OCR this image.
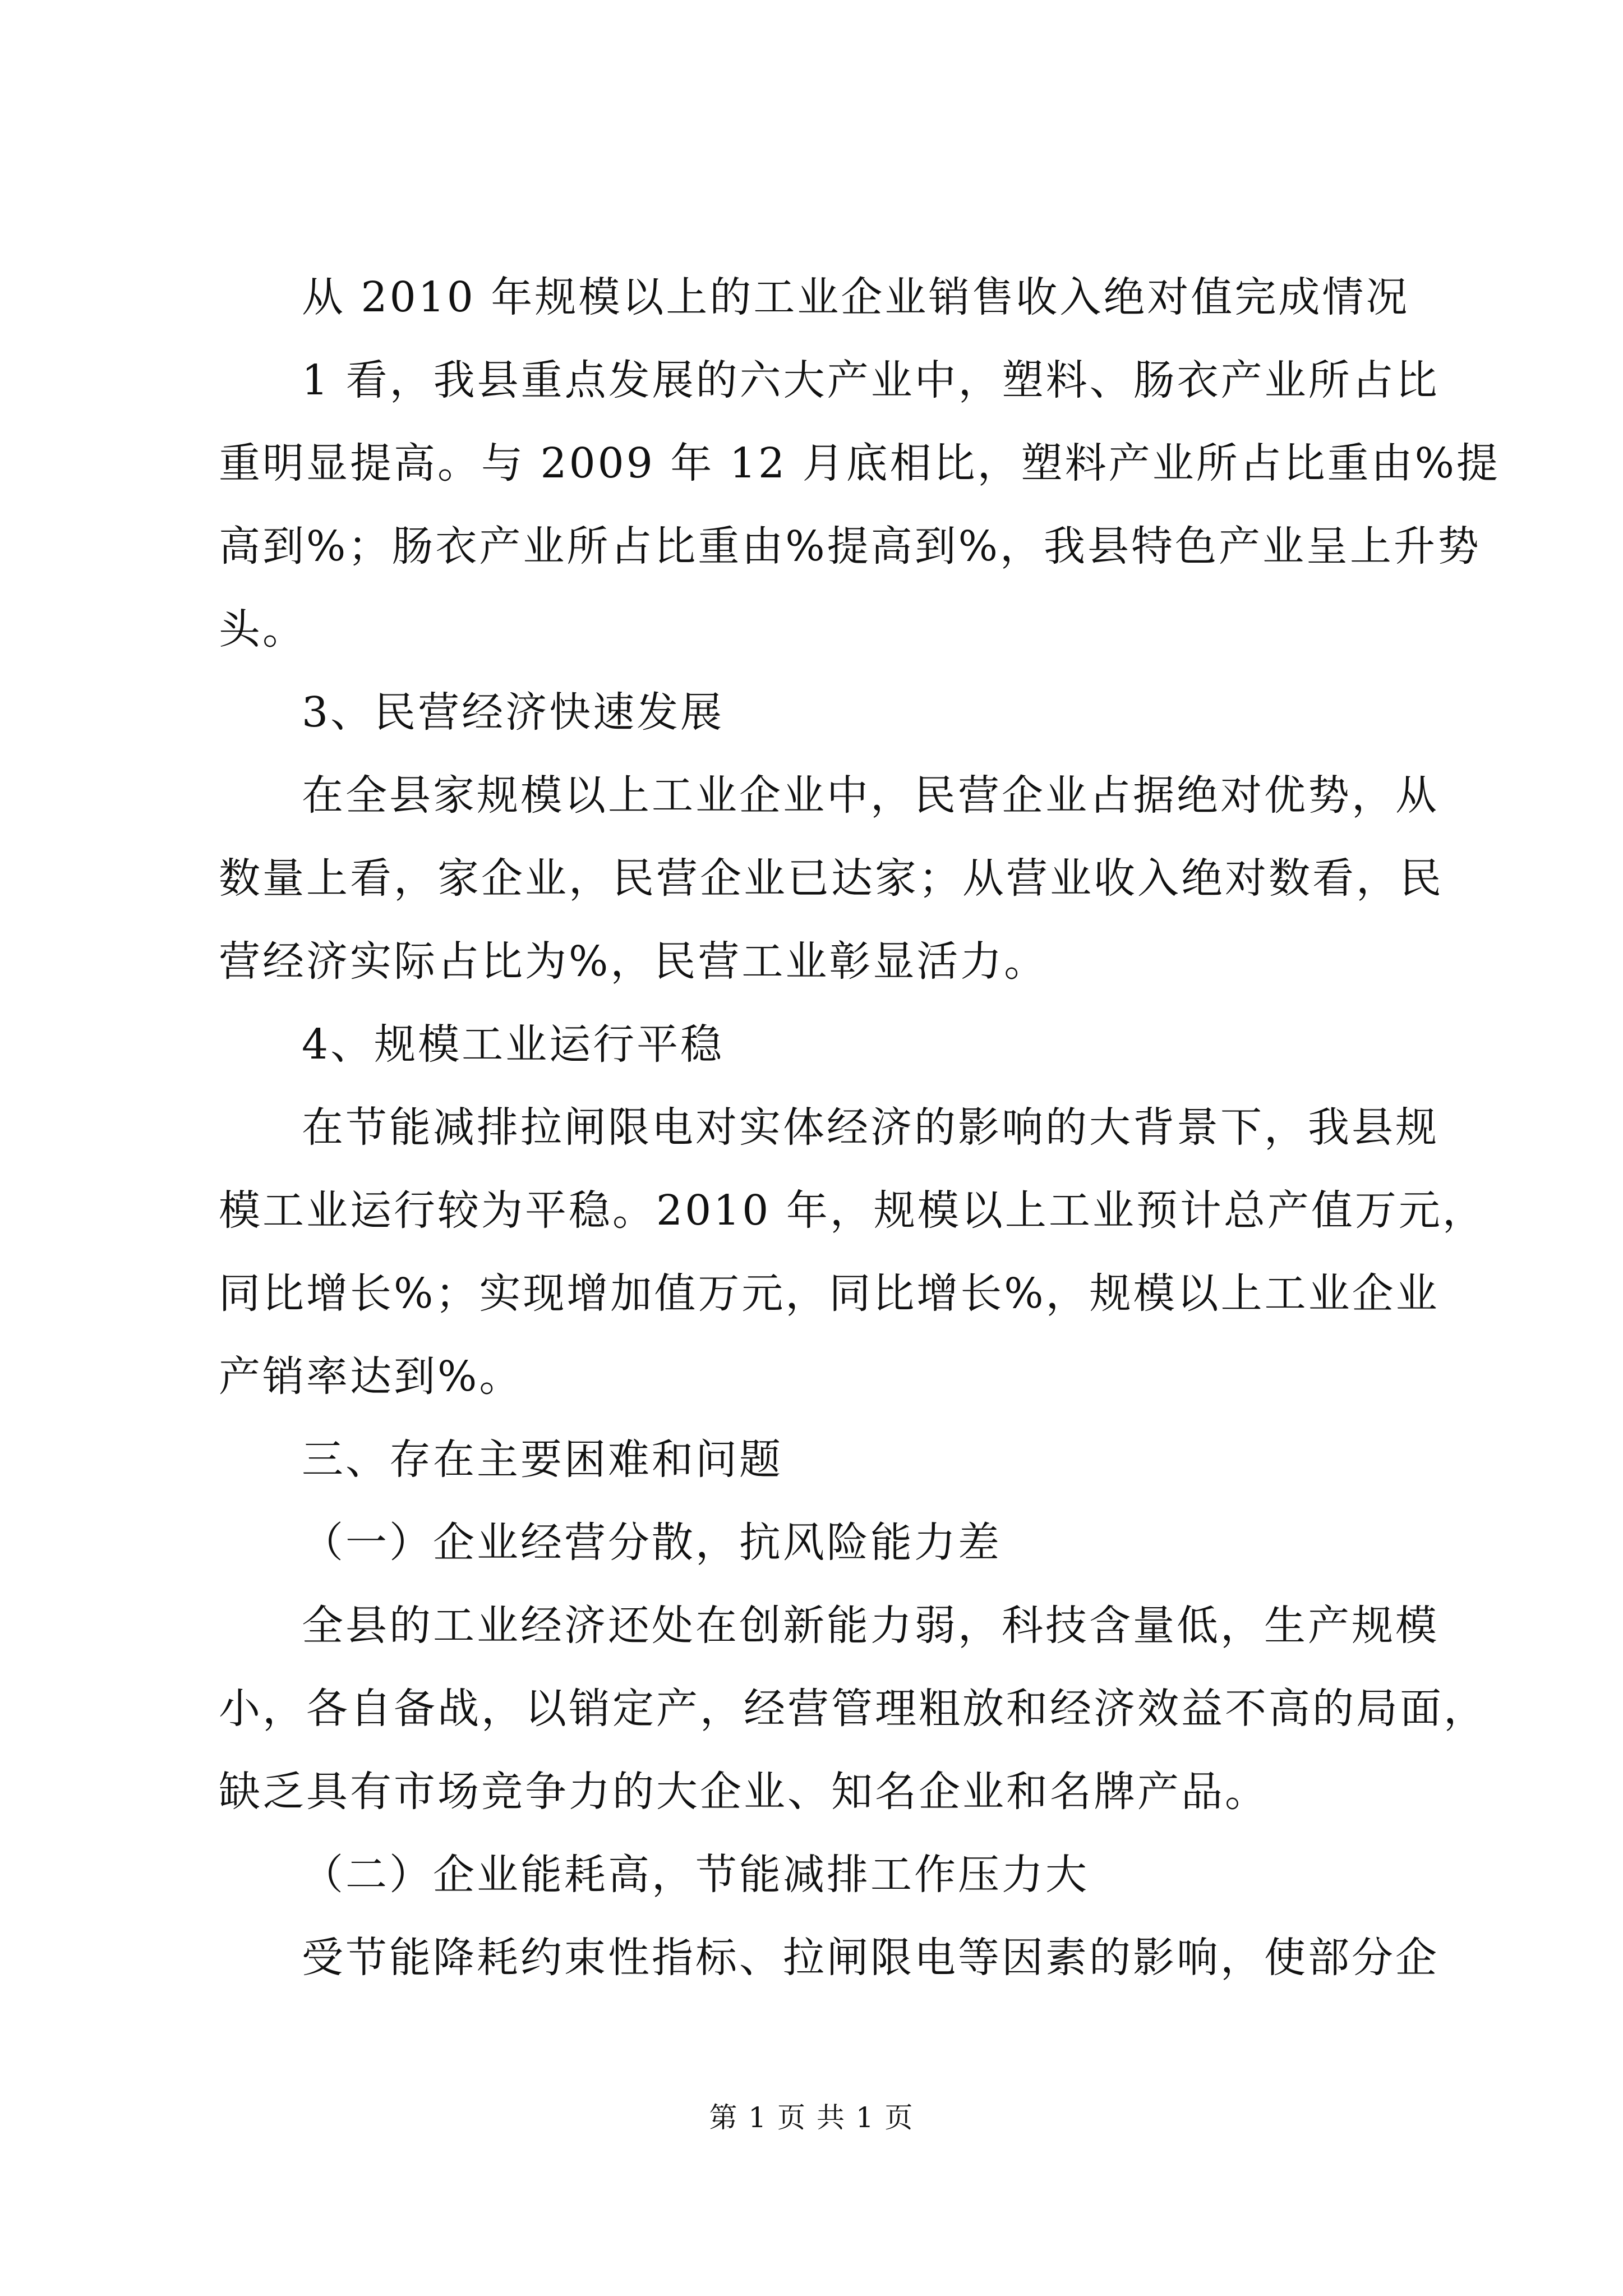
从 2010 年规模以上的工业企业销售收入绝对值完成情况
1 看，我县重点发展的六大产业中，塑料、肠衣产业所占比
重明显提高。与 2009 年 12 月底相比，塑料产业所占比重由%提
高到%；肠衣产业所占比重由%提高到%，我县特色产业呈上升势
头。
3、民营经济快速发展
在全县家规模以上工业企业中，民营企业占据绝对优势，从
数量上看，家企业，民营企业已达家；从营业收入绝对数看，民
营经济实际占比为%，民营工业彰显活力。
4、规模工业运行平稳
在节能减排拉闸限电对实体经济的影响的大背景下，我县规
模工业运行较为平稳。2010 年，规模以上工业预计总产值万元，
同比增长%；实现增加值万元，同比增长%，规模以上工业企业
产销率达到%。
三、存在主要困难和问题
（一）企业经营分散，抗风险能力差
全县的工业经济还处在创新能力弱，科技含量低，生产规模
小，各自备战，以销定产，经营管理粗放和经济效益不高的局面，
缺乏具有市场竞争力的大企业、知名企业和名牌产品。
（二）企业能耗高，节能减排工作压力大
受节能降耗约束性指标、拉闸限电等因素的影响，使部分企
第 1 页 共 1 页
